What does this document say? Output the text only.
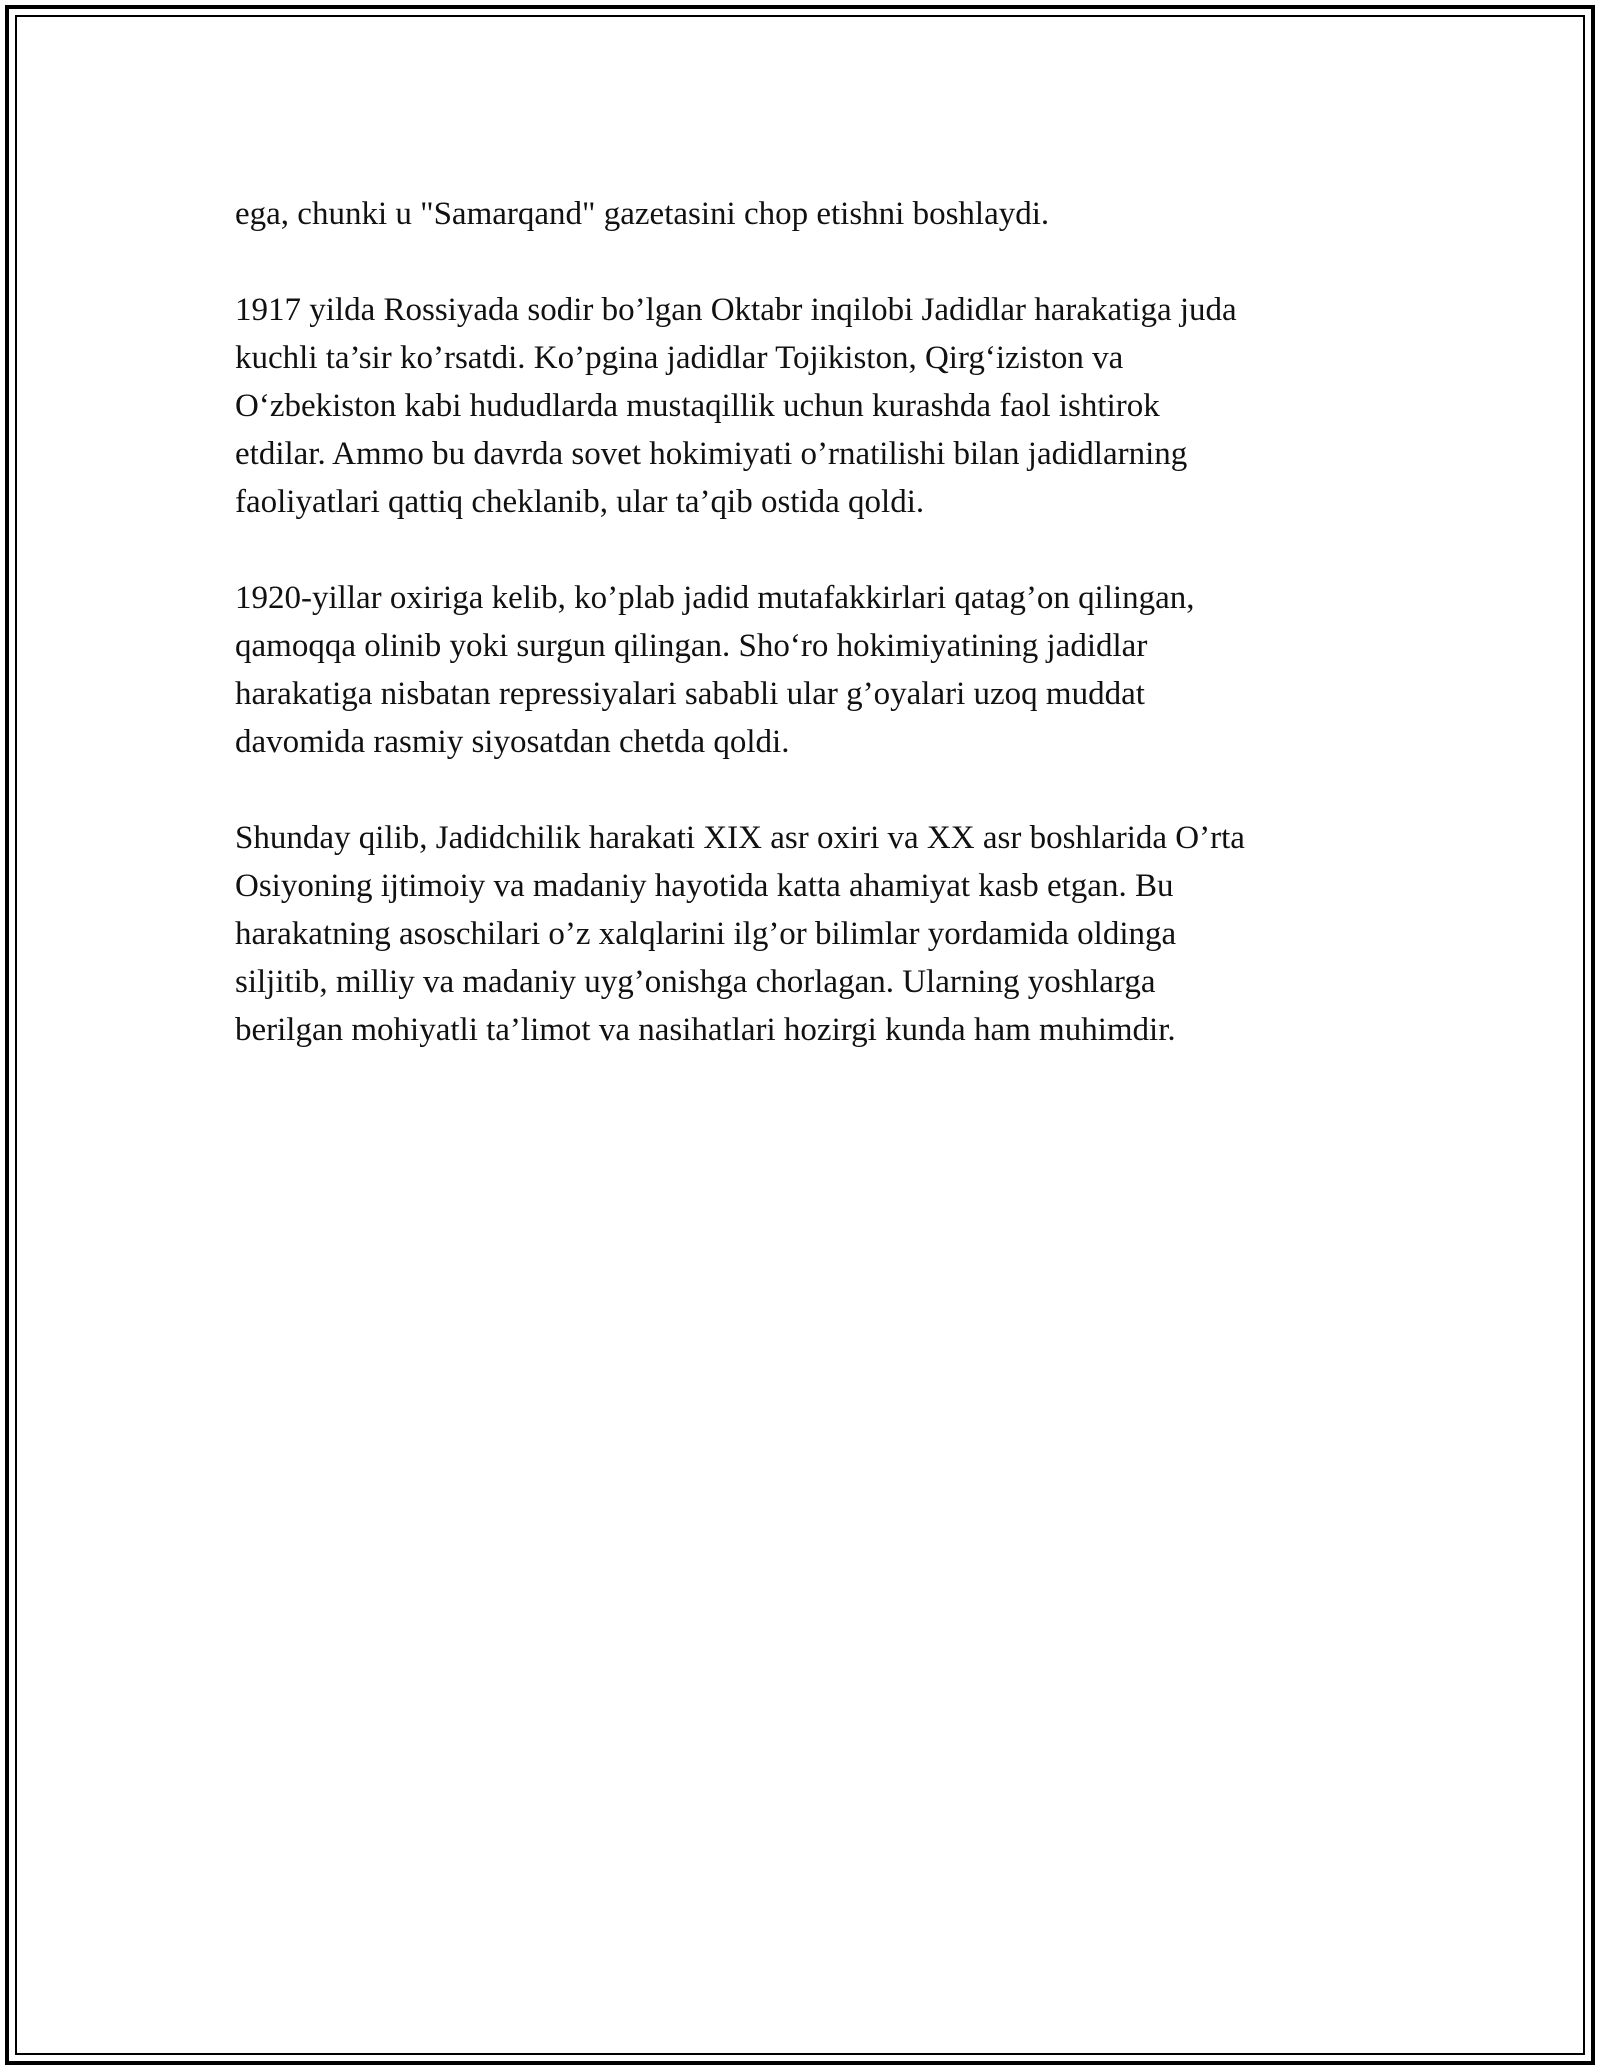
ega, chunki u "Samarqand" gazetasini chop etishni boshlaydi.

1917 yilda Rossiyada sodir bo’lgan Oktabr inqilobi Jadidlar harakatiga juda
kuchli ta’sir ko’rsatdi. Ko’pgina jadidlar Tojikiston, Qirg‘iziston va
O‘zbekiston kabi hududlarda mustaqillik uchun kurashda faol ishtirok
etdilar. Ammo bu davrda sovet hokimiyati o’rnatilishi bilan jadidlarning
faoliyatlari qattiq cheklanib, ular ta’qib ostida qoldi.

1920-yillar oxiriga kelib, ko’plab jadid mutafakkirlari qatag’on qilingan,
qamoqqa olinib yoki surgun qilingan. Sho‘ro hokimiyatining jadidlar
harakatiga nisbatan repressiyalari sababli ular g’oyalari uzoq muddat
davomida rasmiy siyosatdan chetda qoldi.

Shunday qilib, Jadidchilik harakati XIX asr oxiri va XX asr boshlarida O’rta
Osiyoning ijtimoiy va madaniy hayotida katta ahamiyat kasb etgan. Bu
harakatning asoschilari o’z xalqlarini ilg’or bilimlar yordamida oldinga
siljitib, milliy va madaniy uyg’onishga chorlagan. Ularning yoshlarga
berilgan mohiyatli ta’limot va nasihatlari hozirgi kunda ham muhimdir.
